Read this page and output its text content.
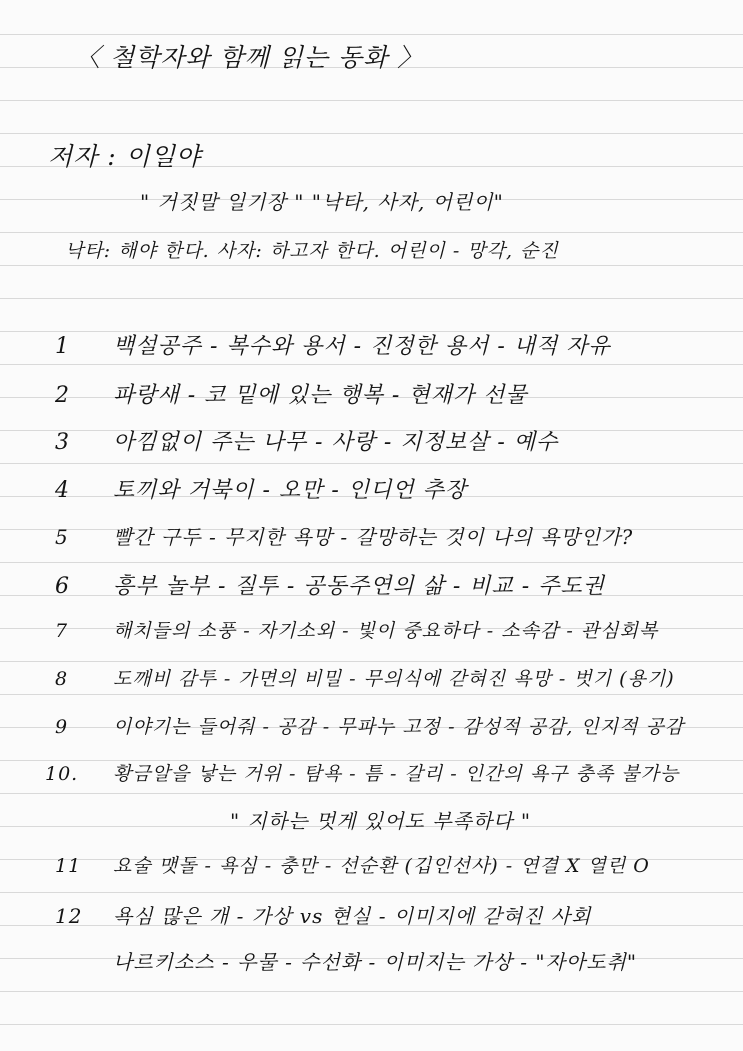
〈 철학자와 함께 읽는 동화 〉
저자 : 이일야
" 거짓말 일기장 " "낙타, 사자, 어린이"
낙타: 해야 한다. 사자: 하고자 한다. 어린이 - 망각, 순진
1 백설공주 - 복수와 용서 - 진정한 용서 - 내적 자유
2 파랑새 - 코 밑에 있는 행복 - 현재가 선물
3 아낌없이 주는 나무 - 사랑 - 지정보살 - 예수
4 토끼와 거북이 - 오만 - 인디언 추장
5 빨간 구두 - 무지한 욕망 - 갈망하는 것이 나의 욕망인가?
6 흥부 놀부 - 질투 - 공동주연의 삶 - 비교 - 주도권
7 해치들의 소풍 - 자기소외 - 빛이 중요하다 - 소속감 - 관심회복
8 도깨비 감투 - 가면의 비밀 - 무의식에 갇혀진 욕망 - 벗기 (용기)
9 이야기는 들어줘 - 공감 - 무파누 고정 - 감성적 공감, 인지적 공감
10. 황금알을 낳는 거위 - 탐욕 - 틈 - 갈리 - 인간의 욕구 충족 불가능
" 지하는 멋게 있어도 부족하다 "
11 요술 맷돌 - 욕심 - 충만 - 선순환 (깁인선사) - 연결 X 열린 O
12 욕심 많은 개 - 가상 vs 현실 - 이미지에 갇혀진 사회
나르키소스 - 우물 - 수선화 - 이미지는 가상 - "자아도취"
